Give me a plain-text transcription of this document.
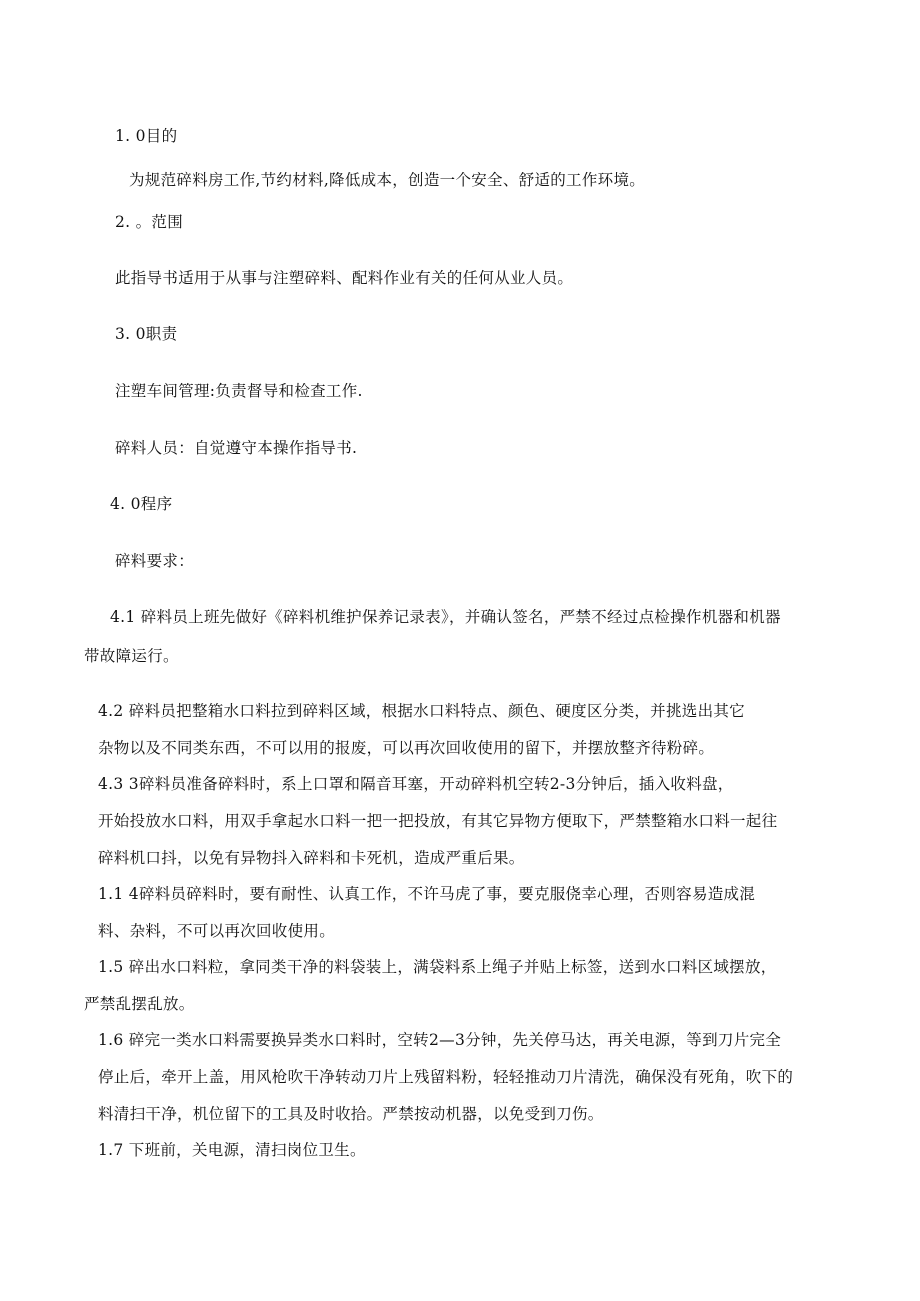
1. 0目的
为规范碎料房工作,节约材料,降低成本，创造一个安全、舒适的工作环境。
2. 。范围
此指导书适用于从事与注塑碎料、配料作业有关的任何从业人员。
3. 0职责
注塑车间管理:负责督导和检查工作.
碎料人员：自觉遵守本操作指导书.
4. 0程序
碎料要求：
4.1 碎料员上班先做好《碎料机维护保养记录表》，并确认签名，严禁不经过点检操作机器和机器
带故障运行。
4.2 碎料员把整箱水口料拉到碎料区域，根据水口料特点、颜色、硬度区分类，并挑选出其它
杂物以及不同类东西，不可以用的报废，可以再次回收使用的留下，并摆放整齐待粉碎。
4.3 3碎料员准备碎料时，系上口罩和隔音耳塞，开动碎料机空转2-3分钟后，插入收料盘，
开始投放水口料，用双手拿起水口料一把一把投放，有其它异物方便取下，严禁整箱水口料一起往
碎料机口抖，以免有异物抖入碎料和卡死机，造成严重后果。
1.1 4碎料员碎料时，要有耐性、认真工作，不许马虎了事，要克服侥幸心理，否则容易造成混
料、杂料，不可以再次回收使用。
1.5 碎出水口料粒，拿同类干净的料袋装上，满袋料系上绳子并贴上标签，送到水口料区域摆放，
严禁乱摆乱放。
1.6 碎完一类水口料需要换异类水口料时，空转2—3分钟，先关停马达，再关电源，等到刀片完全
停止后，牵开上盖，用风枪吹干净转动刀片上残留料粉，轻轻推动刀片清洗，确保没有死角，吹下的
料清扫干净，机位留下的工具及时收拾。严禁按动机器，以免受到刀伤。
1.7 下班前，关电源，清扫岗位卫生。
